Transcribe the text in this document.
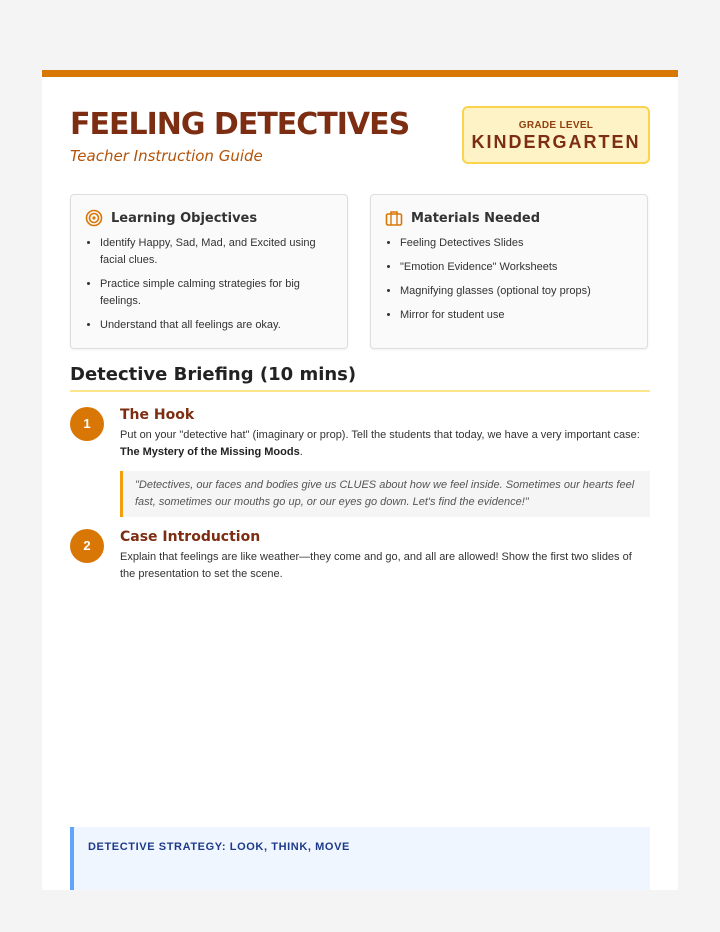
FEELING DETECTIVES
Teacher Instruction Guide
GRADE LEVEL
KINDERGARTEN
Learning Objectives
• Identify Happy, Sad, Mad, and Excited using facial clues.
• Practice simple calming strategies for big feelings.
• Understand that all feelings are okay.
Materials Needed
• Feeling Detectives Slides
• "Emotion Evidence" Worksheets
• Magnifying glasses (optional toy props)
• Mirror for student use
Detective Briefing (10 mins)
1
The Hook
Put on your "detective hat" (imaginary or prop). Tell the students that today, we have a very important case: The Mystery of the Missing Moods.
"Detectives, our faces and bodies give us CLUES about how we feel inside. Sometimes our hearts feel fast, sometimes our mouths go up, or our eyes go down. Let's find the evidence!"
2
Case Introduction
Explain that feelings are like weather—they come and go, and all are allowed! Show the first two slides of the presentation to set the scene.
DETECTIVE STRATEGY: LOOK, THINK, MOVE
